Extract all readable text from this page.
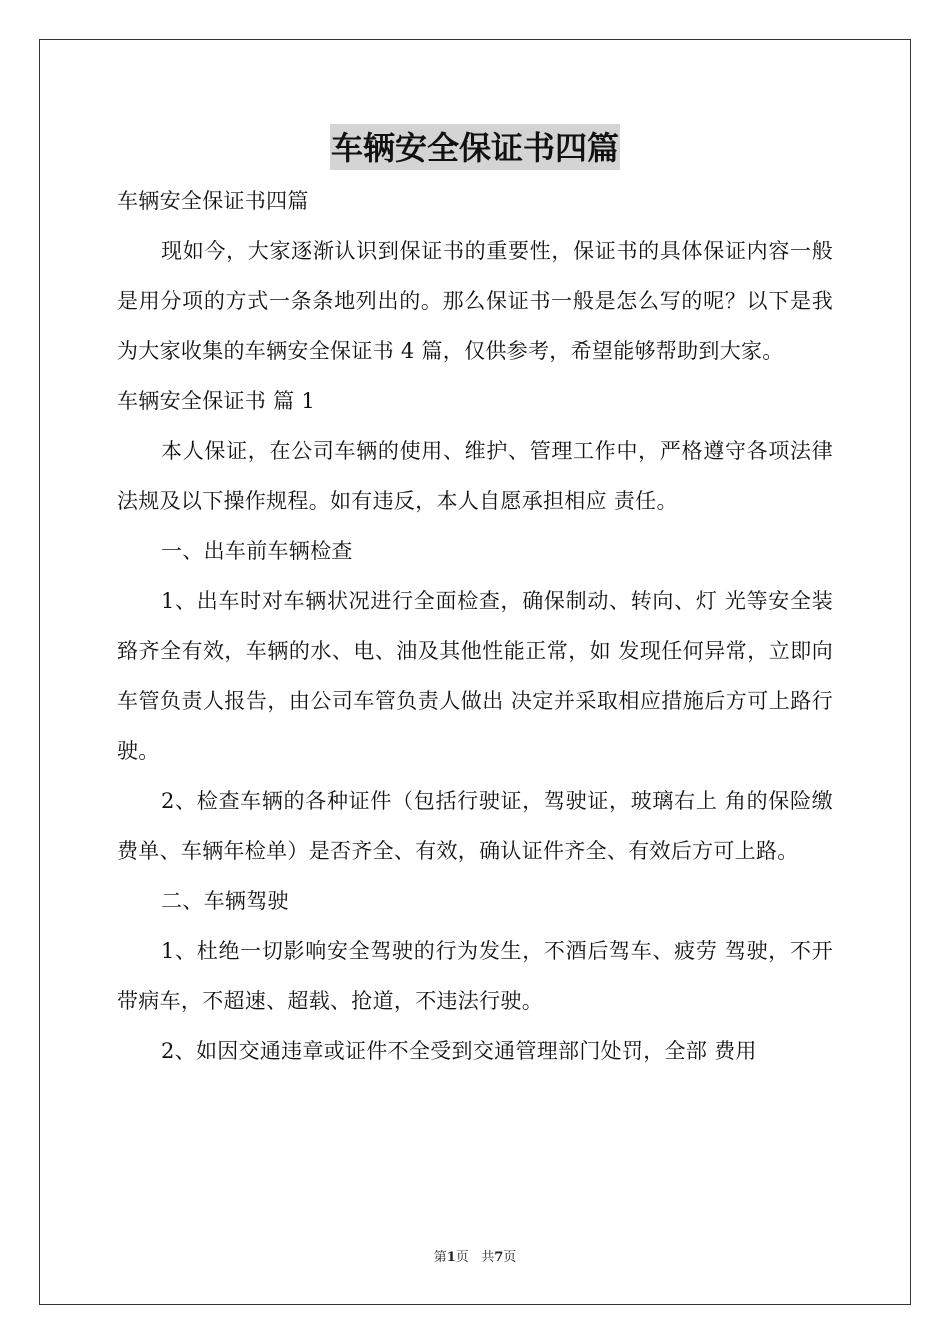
车辆安全保证书四篇

车辆安全保证书四篇

现如今，大家逐渐认识到保证书的重要性，保证书的具体保证内容一般是用分项的方式一条条地列出的。那么保证书一般是怎么写的呢？以下是我为大家收集的车辆安全保证书 4 篇，仅供参考，希望能够帮助到大家。

车辆安全保证书 篇 1

本人保证，在公司车辆的使用、维护、管理工作中，严格遵守各项法律法规及以下操作规程。如有违反，本人自愿承担相应 责任。

一、出车前车辆检查

1、出车时对车辆状况进行全面检查，确保制动、转向、灯 光等安全装臵齐全有效，车辆的水、电、油及其他性能正常，如 发现任何异常，立即向车管负责人报告，由公司车管负责人做出 决定并采取相应措施后方可上路行驶。

2、检查车辆的各种证件（包括行驶证，驾驶证，玻璃右上 角的保险缴费单、车辆年检单）是否齐全、有效，确认证件齐全、有效后方可上路。

二、车辆驾驶

1、杜绝一切影响安全驾驶的行为发生，不酒后驾车、疲劳 驾驶，不开带病车，不超速、超载、抢道，不违法行驶。

2、如因交通违章或证件不全受到交通管理部门处罚，全部 费用

第1页 共7页
